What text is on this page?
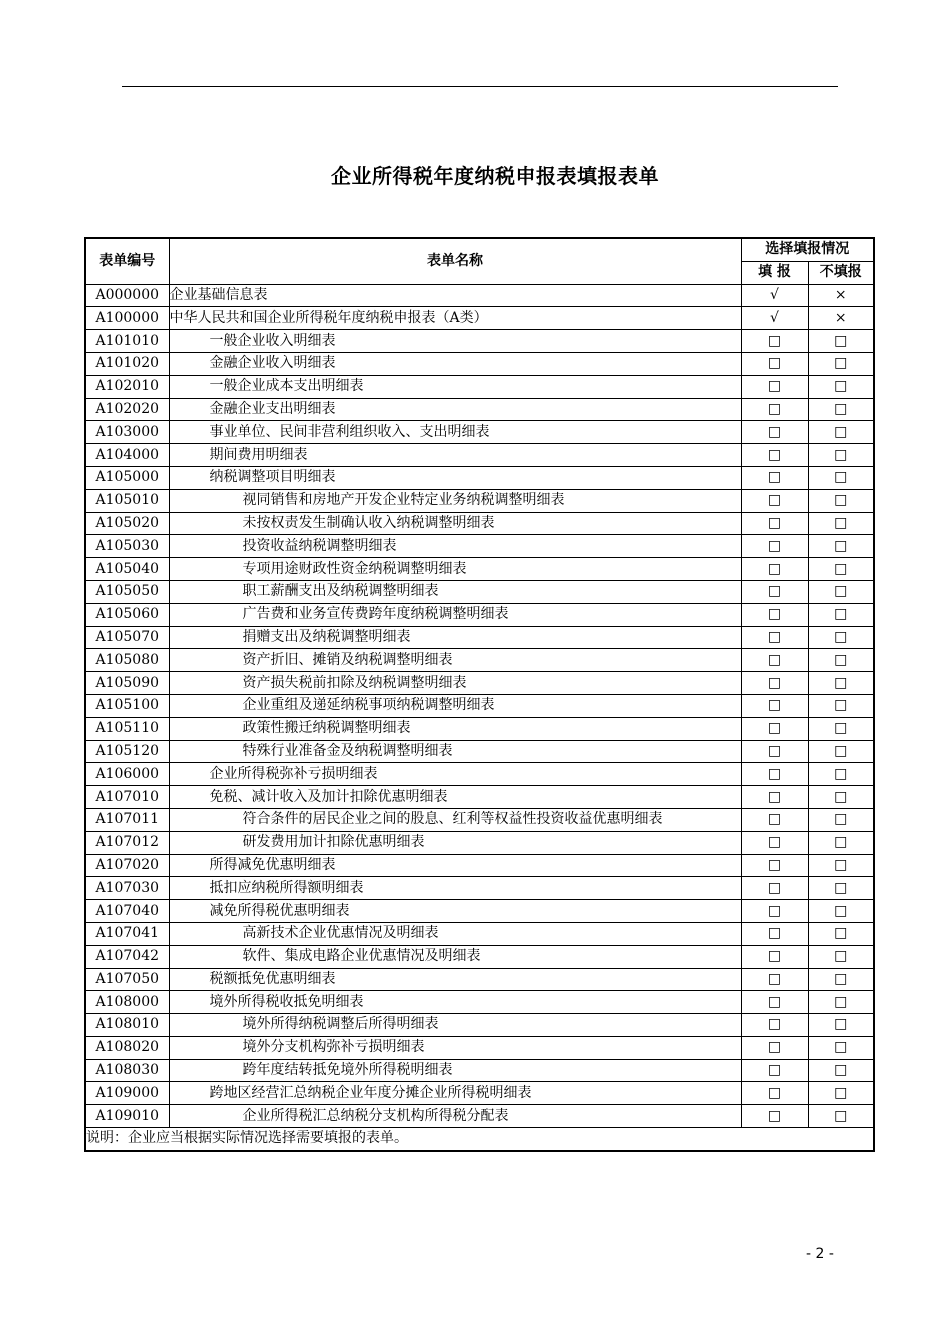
企业所得税年度纳税申报表填报表单
表单编号	表单名称	选择填报情况	
		填 报	不填报
A000000	企业基础信息表	√	×
A100000	中华人民共和国企业所得税年度纳税申报表（A类）	√	×
A101010	一般企业收入明细表	□	□
A101020	金融企业收入明细表	□	□
A102010	一般企业成本支出明细表	□	□
A102020	金融企业支出明细表	□	□
A103000	事业单位、民间非营利组织收入、支出明细表	□	□
A104000	期间费用明细表	□	□
A105000	纳税调整项目明细表	□	□
A105010	视同销售和房地产开发企业特定业务纳税调整明细表	□	□
A105020	未按权责发生制确认收入纳税调整明细表	□	□
A105030	投资收益纳税调整明细表	□	□
A105040	专项用途财政性资金纳税调整明细表	□	□
A105050	职工薪酬支出及纳税调整明细表	□	□
A105060	广告费和业务宣传费跨年度纳税调整明细表	□	□
A105070	捐赠支出及纳税调整明细表	□	□
A105080	资产折旧、摊销及纳税调整明细表	□	□
A105090	资产损失税前扣除及纳税调整明细表	□	□
A105100	企业重组及递延纳税事项纳税调整明细表	□	□
A105110	政策性搬迁纳税调整明细表	□	□
A105120	特殊行业准备金及纳税调整明细表	□	□
A106000	企业所得税弥补亏损明细表	□	□
A107010	免税、减计收入及加计扣除优惠明细表	□	□
A107011	符合条件的居民企业之间的股息、红利等权益性投资收益优惠明细表	□	□
A107012	研发费用加计扣除优惠明细表	□	□
A107020	所得减免优惠明细表	□	□
A107030	抵扣应纳税所得额明细表	□	□
A107040	减免所得税优惠明细表	□	□
A107041	高新技术企业优惠情况及明细表	□	□
A107042	软件、集成电路企业优惠情况及明细表	□	□
A107050	税额抵免优惠明细表	□	□
A108000	境外所得税收抵免明细表	□	□
A108010	境外所得纳税调整后所得明细表	□	□
A108020	境外分支机构弥补亏损明细表	□	□
A108030	跨年度结转抵免境外所得税明细表	□	□
A109000	跨地区经营汇总纳税企业年度分摊企业所得税明细表	□	□
A109010	企业所得税汇总纳税分支机构所得税分配表	□	□
说明：企业应当根据实际情况选择需要填报的表单。			
- 2 -
